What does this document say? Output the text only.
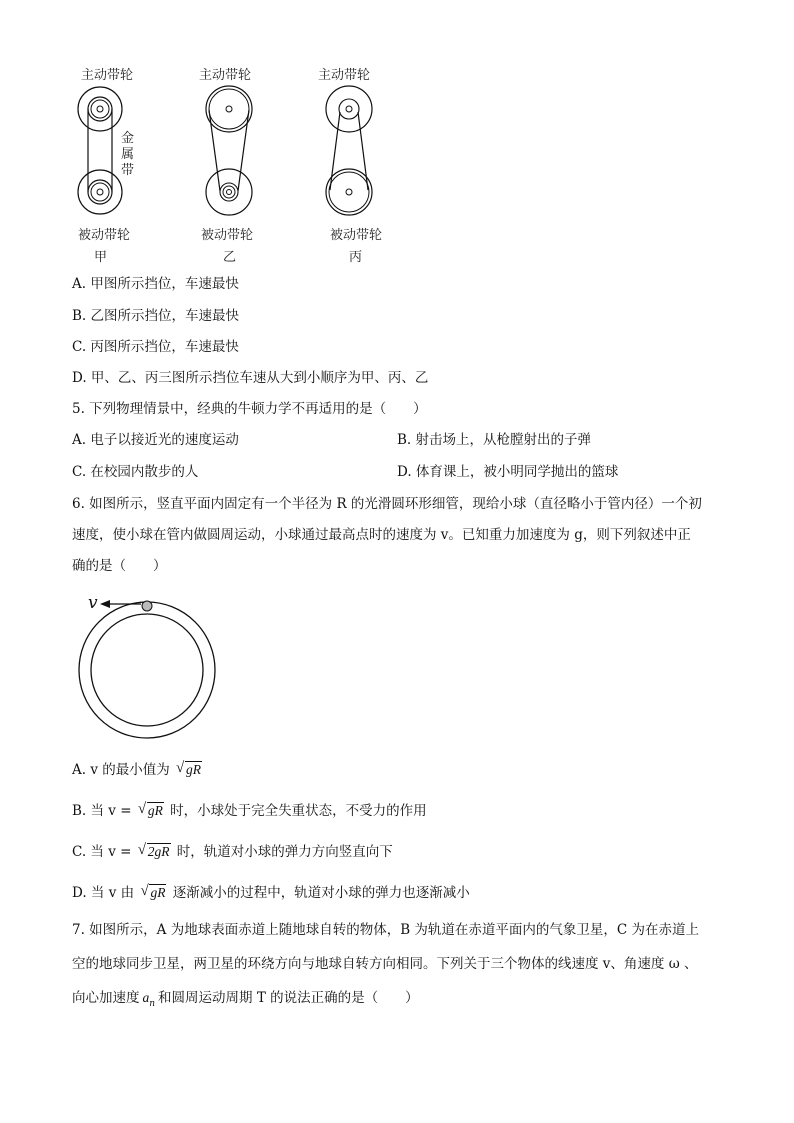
主动带轮
金
属
带
被动带轮
甲
主动带轮
被动带轮
乙
主动带轮
被动带轮
丙
A. 甲图所示挡位，车速最快
B. 乙图所示挡位，车速最快
C. 丙图所示挡位，车速最快
D. 甲、乙、丙三图所示挡位车速从大到小顺序为甲、丙、乙
5. 下列物理情景中，经典的牛顿力学不再适用的是（　　）
A. 电子以接近光的速度运动	B. 射击场上，从枪膛射出的子弹
C. 在校园内散步的人	D. 体育课上，被小明同学抛出的篮球
6. 如图所示，竖直平面内固定有一个半径为 R 的光滑圆环形细管，现给小球（直径略小于管内径）一个初
速度，使小球在管内做圆周运动，小球通过最高点时的速度为 v。已知重力加速度为 g，则下列叙述中正
确的是（　　）
v
A. v 的最小值为 √ gR
B. 当 v = √ gR 时，小球处于完全失重状态，不受力的作用
C. 当 v = √ 2gR 时，轨道对小球的弹力方向竖直向下
D. 当 v 由 √ gR 逐渐减小的过程中，轨道对小球的弹力也逐渐减小
7. 如图所示，A 为地球表面赤道上随地球自转的物体，B 为轨道在赤道平面内的气象卫星，C 为在赤道上
空的地球同步卫星，两卫星的环绕方向与地球自转方向相同。下列关于三个物体的线速度 v、角速度 ω 、
向心加速度 $a_n$ 和圆周运动周期 T 的说法正确的是（　　）
